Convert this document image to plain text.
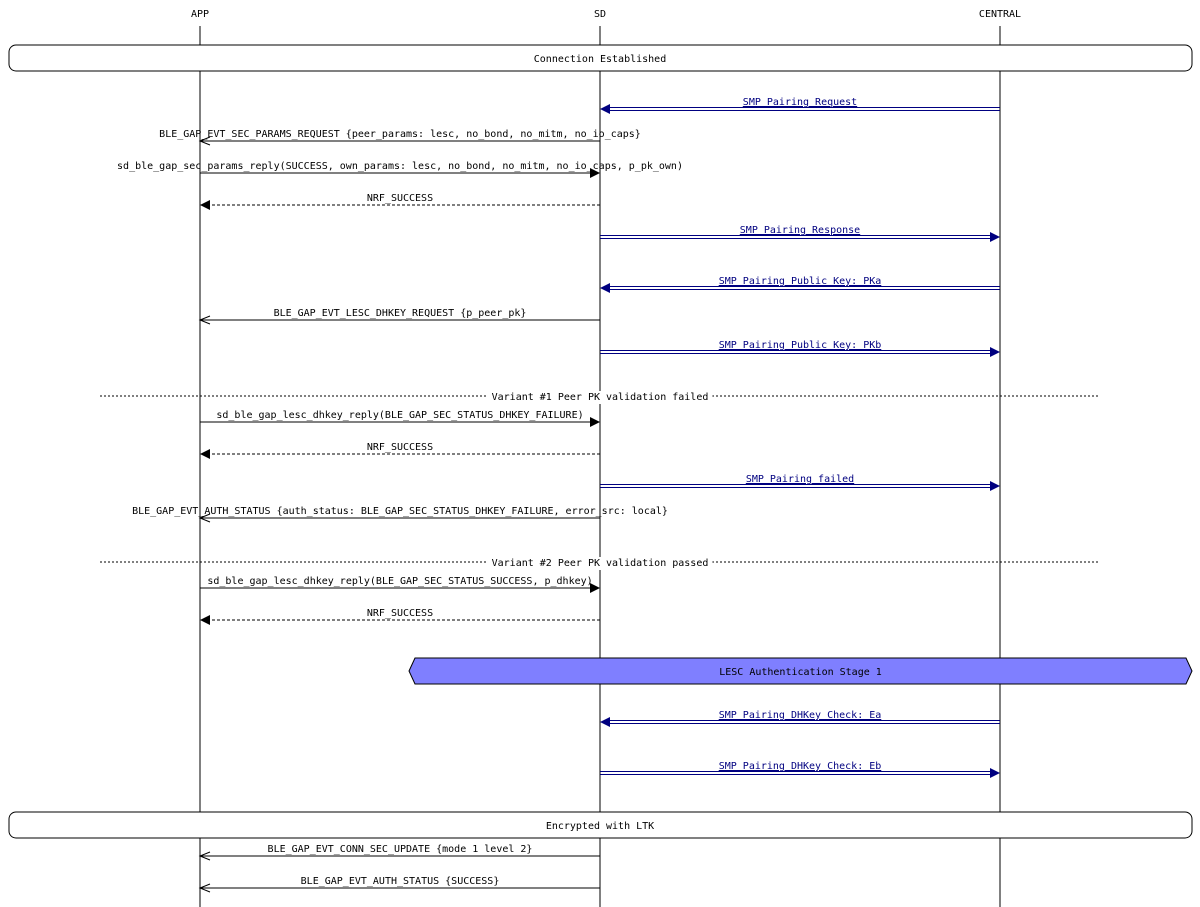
APP	SD	CENTRAL
Connection Established
SMP Pairing Request
BLE_GAP_EVT_SEC_PARAMS_REQUEST {peer_params: lesc, no_bond, no_mitm, no_io_caps}
sd_ble_gap_sec_params_reply(SUCCESS, own_params: lesc, no_bond, no_mitm, no_io_caps, p_pk_own)
NRF_SUCCESS
SMP Pairing Response
SMP Pairing Public Key: PKa
BLE_GAP_EVT_LESC_DHKEY_REQUEST {p_peer_pk}
SMP Pairing Public Key: PKb
Variant #1 Peer PK validation failed
sd_ble_gap_lesc_dhkey_reply(BLE_GAP_SEC_STATUS_DHKEY_FAILURE)
NRF_SUCCESS
SMP Pairing failed
BLE_GAP_EVT_AUTH_STATUS {auth_status: BLE_GAP_SEC_STATUS_DHKEY_FAILURE, error_src: local}
Variant #2 Peer PK validation passed
sd_ble_gap_lesc_dhkey_reply(BLE_GAP_SEC_STATUS_SUCCESS, p_dhkey)
NRF_SUCCESS
LESC Authentication Stage 1
SMP Pairing DHKey Check: Ea
SMP Pairing DHKey Check: Eb
Encrypted with LTK
BLE_GAP_EVT_CONN_SEC_UPDATE {mode 1 level 2}
BLE_GAP_EVT_AUTH_STATUS {SUCCESS}
